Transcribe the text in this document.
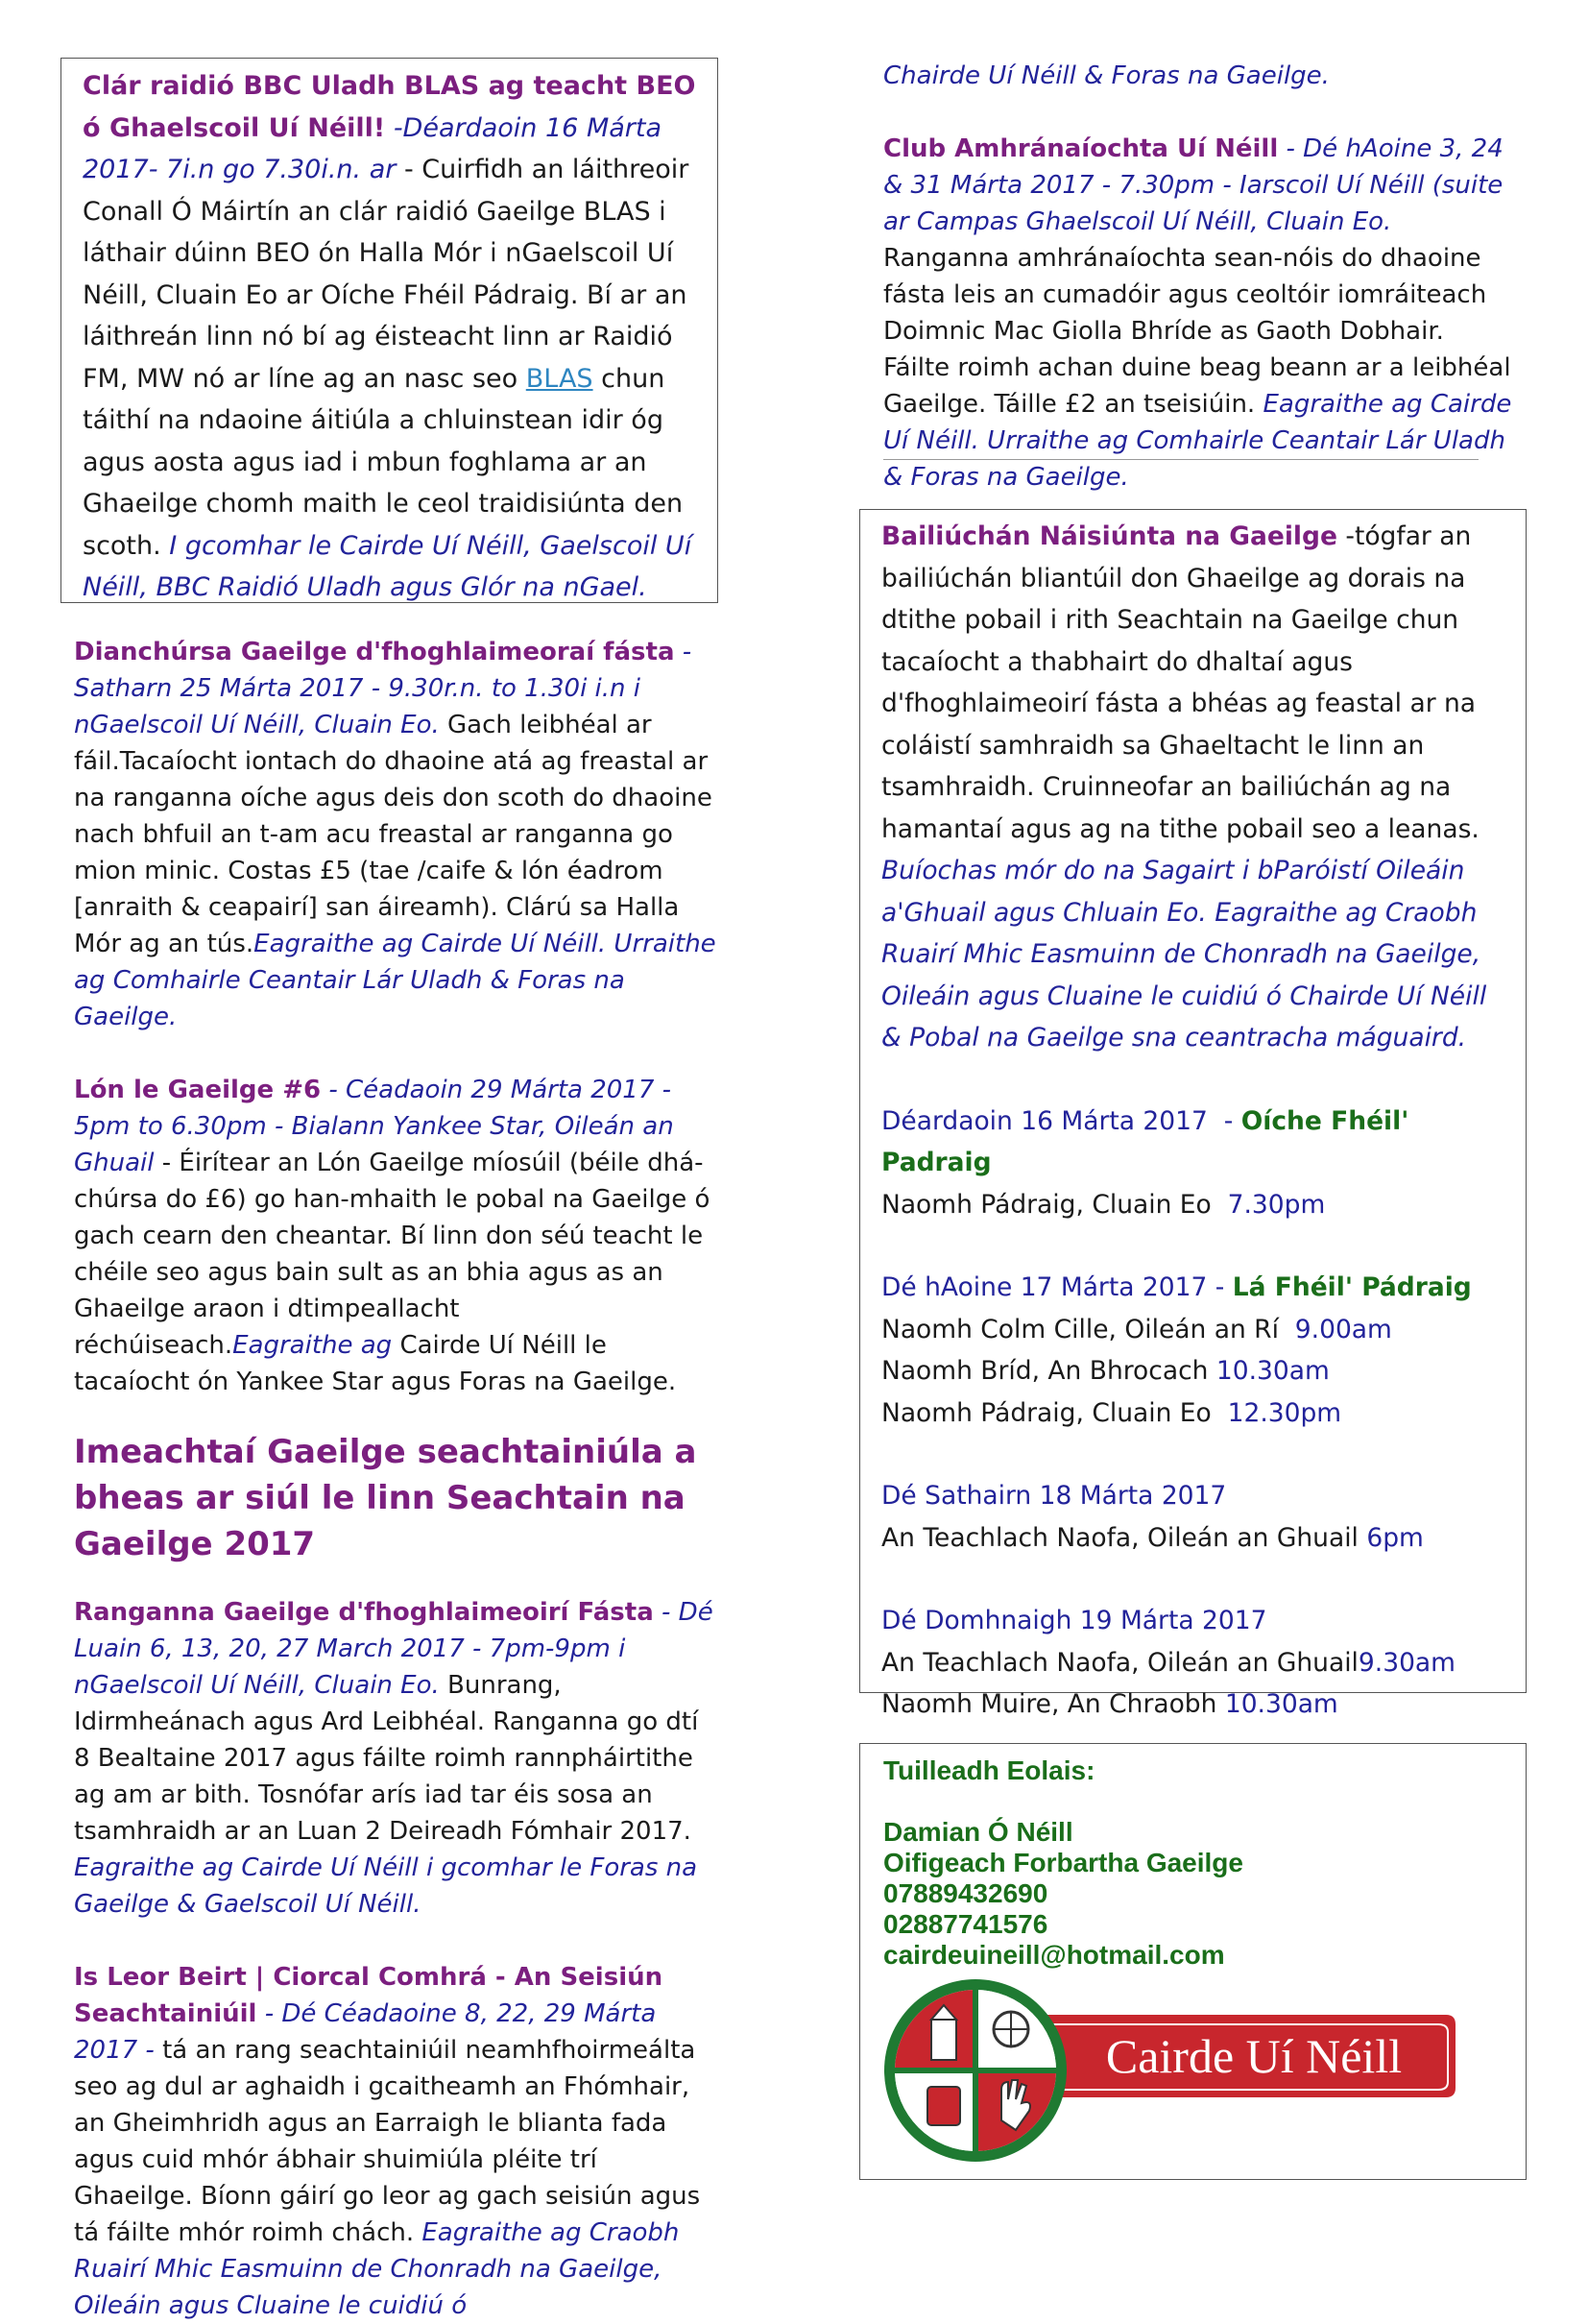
Clár raidió BBC Uladh BLAS ag teacht BEO ó Ghaelscoil Uí Néill! -Déardaoin 16 Márta 2017- 7i.n go 7.30i.n. ar - Cuirfidh an láithreoir Conall Ó Máirtín an clár raidió Gaeilge BLAS i láthair dúinn BEO ón Halla Mór i nGaelscoil Uí Néill, Cluain Eo ar Oíche Fhéil Pádraig. Bí ar an láithreán linn nó bí ag éisteacht linn ar Raidió FM, MW nó ar líne ag an nasc seo BLAS chun táithí na ndaoine áitiúla a chluinstean idir óg agus aosta agus iad i mbun foghlama ar an Ghaeilge chomh maith le ceol traidisiúnta den scoth. I gcomhar le Cairde Uí Néill, Gaelscoil Uí Néill, BBC Raidió Uladh agus Glór na nGael.

Dianchúrsa Gaeilge d'fhoghlaimeoraí fásta - Satharn 25 Márta 2017 - 9.30r.n. to 1.30i i.n i nGaelscoil Uí Néill, Cluain Eo. Gach leibhéal ar fáil.Tacaíocht iontach do dhaoine atá ag freastal ar na ranganna oíche agus deis don scoth do dhaoine nach bhfuil an t-am acu freastal ar ranganna go mion minic. Costas £5 (tae /caife & lón éadrom [anraith & ceapairí] san áireamh). Clárú sa Halla Mór ag an tús.Eagraithe ag Cairde Uí Néill. Urraithe ag Comhairle Ceantair Lár Uladh & Foras na Gaeilge.

Lón le Gaeilge #6 - Céadaoin 29 Márta 2017 - 5pm to 6.30pm - Bialann Yankee Star, Oileán an Ghuail - Éirítear an Lón Gaeilge míosúil (béile dhá-chúrsa do £6) go han-mhaith le pobal na Gaeilge ó gach cearn den cheantar. Bí linn don séú teacht le chéile seo agus bain sult as an bhia agus as an Ghaeilge araon i dtimpeallacht réchúiseach.Eagraithe ag Cairde Uí Néill le tacaíocht ón Yankee Star agus Foras na Gaeilge.

Imeachtaí Gaeilge seachtainiúla a bheas ar siúl le linn Seachtain na Gaeilge 2017

Ranganna Gaeilge d'fhoghlaimeoirí Fásta - Dé Luain 6, 13, 20, 27 March 2017 - 7pm-9pm i nGaelscoil Uí Néill, Cluain Eo. Bunrang, Idirmheánach agus Ard Leibhéal. Ranganna go dtí 8 Bealtaine 2017 agus fáilte roimh rannpháirtithe ag am ar bith. Tosnófar arís iad tar éis sosa an tsamhraidh ar an Luan 2 Deireadh Fómhair 2017. Eagraithe ag Cairde Uí Néill i gcomhar le Foras na Gaeilge & Gaelscoil Uí Néill.

Is Leor Beirt | Ciorcal Comhrá - An Seisiún Seachtainiúil - Dé Céadaoine 8, 22, 29 Márta 2017 - tá an rang seachtainiúil neamhfhoirmeálta seo ag dul ar aghaidh i gcaitheamh an Fhómhair, an Gheimhridh agus an Earraigh le blianta fada agus cuid mhór ábhair shuimiúla pléite trí Ghaeilge. Bíonn gáirí go leor ag gach seisiún agus tá fáilte mhór roimh chách. Eagraithe ag Craobh Ruairí Mhic Easmuinn de Chonradh na Gaeilge, Oileáin agus Cluaine le cuidiú ó

Chairde Uí Néill & Foras na Gaeilge.

Club Amhránaíochta Uí Néill - Dé hAoine 3, 24 & 31 Márta 2017 - 7.30pm - Iarscoil Uí Néill (suite ar Campas Ghaelscoil Uí Néill, Cluain Eo. Ranganna amhránaíochta sean-nóis do dhaoine fásta leis an cumadóir agus ceoltóir iomráiteach Doimnic Mac Giolla Bhríde as Gaoth Dobhair. Fáilte roimh achan duine beag beann ar a leibhéal Gaeilge. Táille £2 an tseisiúin. Eagraithe ag Cairde Uí Néill. Urraithe ag Comhairle Ceantair Lár Uladh & Foras na Gaeilge.

Bailiúchán Náisiúnta na Gaeilge -tógfar an bailiúchán bliantúil don Ghaeilge ag dorais na dtithe pobail i rith Seachtain na Gaeilge chun tacaíocht a thabhairt do dhaltaí agus d'fhoghlaimeoirí fásta a bhéas ag feastal ar na coláistí samhraidh sa Ghaeltacht le linn an tsamhraidh. Cruinneofar an bailiúchán ag na hamantaí agus ag na tithe pobail seo a leanas. Buíochas mór do na Sagairt i bParóistí Oileáin a'Ghuail agus Chluain Eo. Eagraithe ag Craobh Ruairí Mhic Easmuinn de Chonradh na Gaeilge, Oileáin agus Cluaine le cuidiú ó Chairde Uí Néill & Pobal na Gaeilge sna ceantracha máguaird.

Déardaoin 16 Márta 2017  - Oíche Fhéil' Padraig

Naomh Pádraig, Cluain Eo  7.30pm

Dé hAoine 17 Márta 2017 - Lá Fhéil' Pádraig

Naomh Colm Cille, Oileán an Rí  9.00am

Naomh Bríd, An Bhrocach 10.30am

Naomh Pádraig, Cluain Eo  12.30pm

Dé Sathairn 18 Márta 2017

An Teachlach Naofa, Oileán an Ghuail 6pm

Dé Domhnaigh 19 Márta 2017

An Teachlach Naofa, Oileán an Ghuail9.30am

Naomh Muire, An Chraobh 10.30am

Tuilleadh Eolais:
Damian Ó Néill
Oifigeach Forbartha Gaeilge
07889432690
02887741576
cairdeuineill@hotmail.com
Cairde Uí Néill
